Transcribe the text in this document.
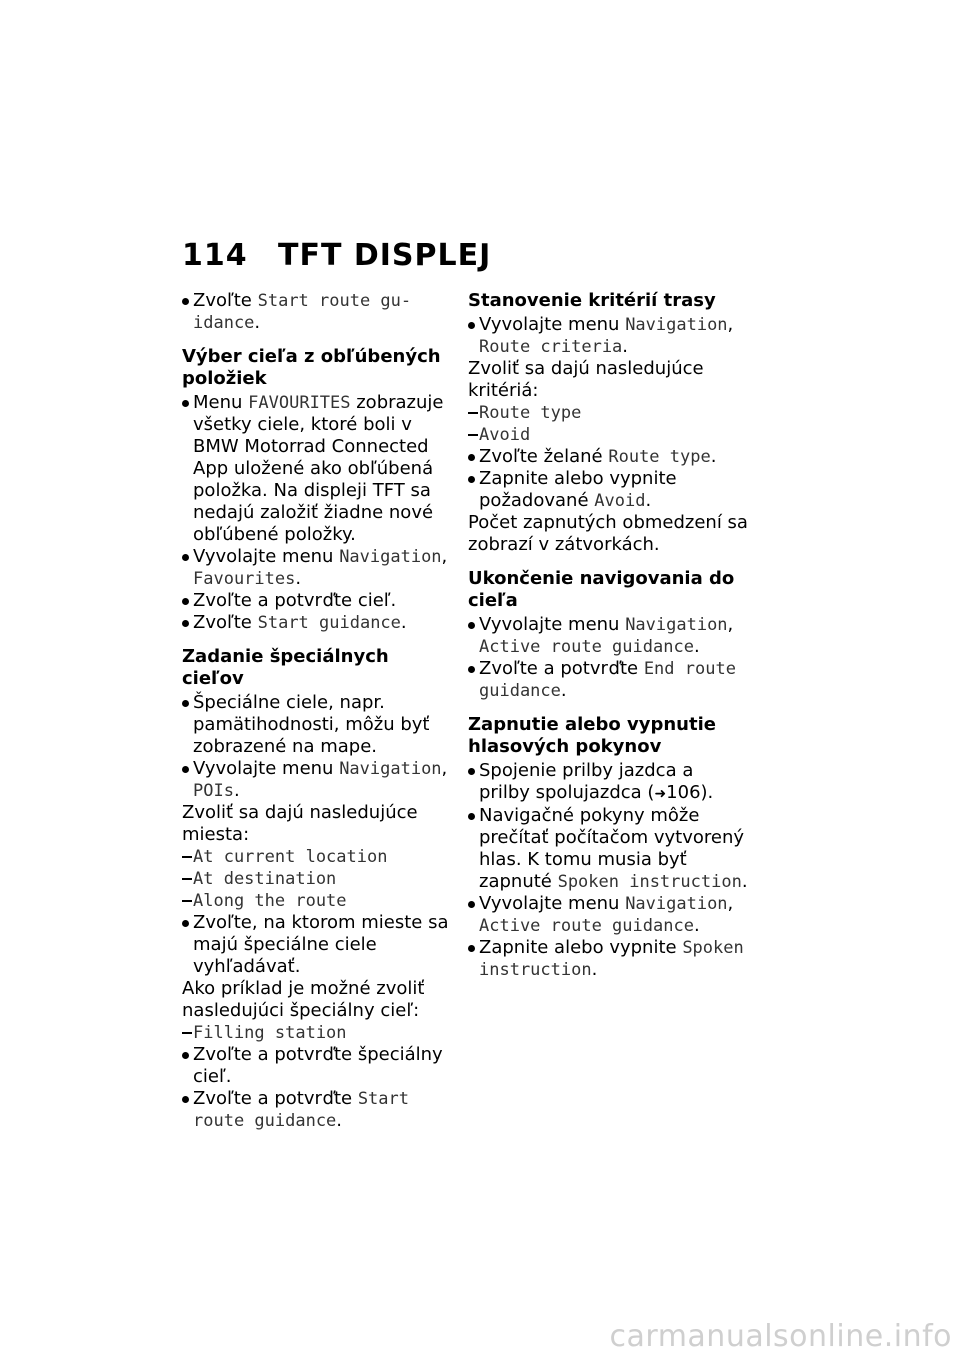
114 TFT DISPLEJ

Zvoľte Start route gu-idance.

Výber cieľa z obľúbených položiek

Menu FAVOURITES zobrazuje všetky ciele, ktoré boli v BMW Motorrad Connected App uložené ako obľúbená položka. Na displeji TFT sa nedajú založiť žiadne nové obľúbené položky.

Vyvolajte menu Navigation, Favourites.

Zvoľte a potvrďte cieľ.

Zvoľte Start guidance.

Zadanie špeciálnych cieľov

Špeciálne ciele, napr. pamätihodnosti, môžu byť zobrazené na mape.

Vyvolajte menu Navigation, POIs.

Zvoliť sa dajú nasledujúce miesta:

At current location

At destination

Along the route

Zvoľte, na ktorom mieste sa majú špeciálne ciele vyhľadávať.

Ako príklad je možné zvoliť nasledujúci špeciálny cieľ:

Filling station

Zvoľte a potvrďte špeciálny cieľ.

Zvoľte a potvrďte Start route guidance.

Stanovenie kritérií trasy

Vyvolajte menu Navigation, Route criteria.

Zvoliť sa dajú nasledujúce kritériá:

Route type

Avoid

Zvoľte želané Route type.

Zapnite alebo vypnite požadované Avoid.

Počet zapnutých obmedzení sa zobrazí v zátvorkách.

Ukončenie navigovania do cieľa

Vyvolajte menu Navigation, Active route guidance.

Zvoľte a potvrďte End route guidance.

Zapnutie alebo vypnutie hlasových pokynov

Spojenie prilby jazdca a prilby spolujazdca (➜106).

Navigačné pokyny môže prečítať počítačom vytvorený hlas. K tomu musia byť zapnuté Spoken instruction.

Vyvolajte menu Navigation, Active route guidance.

Zapnite alebo vypnite Spoken instruction.

carmanualsonline.info
